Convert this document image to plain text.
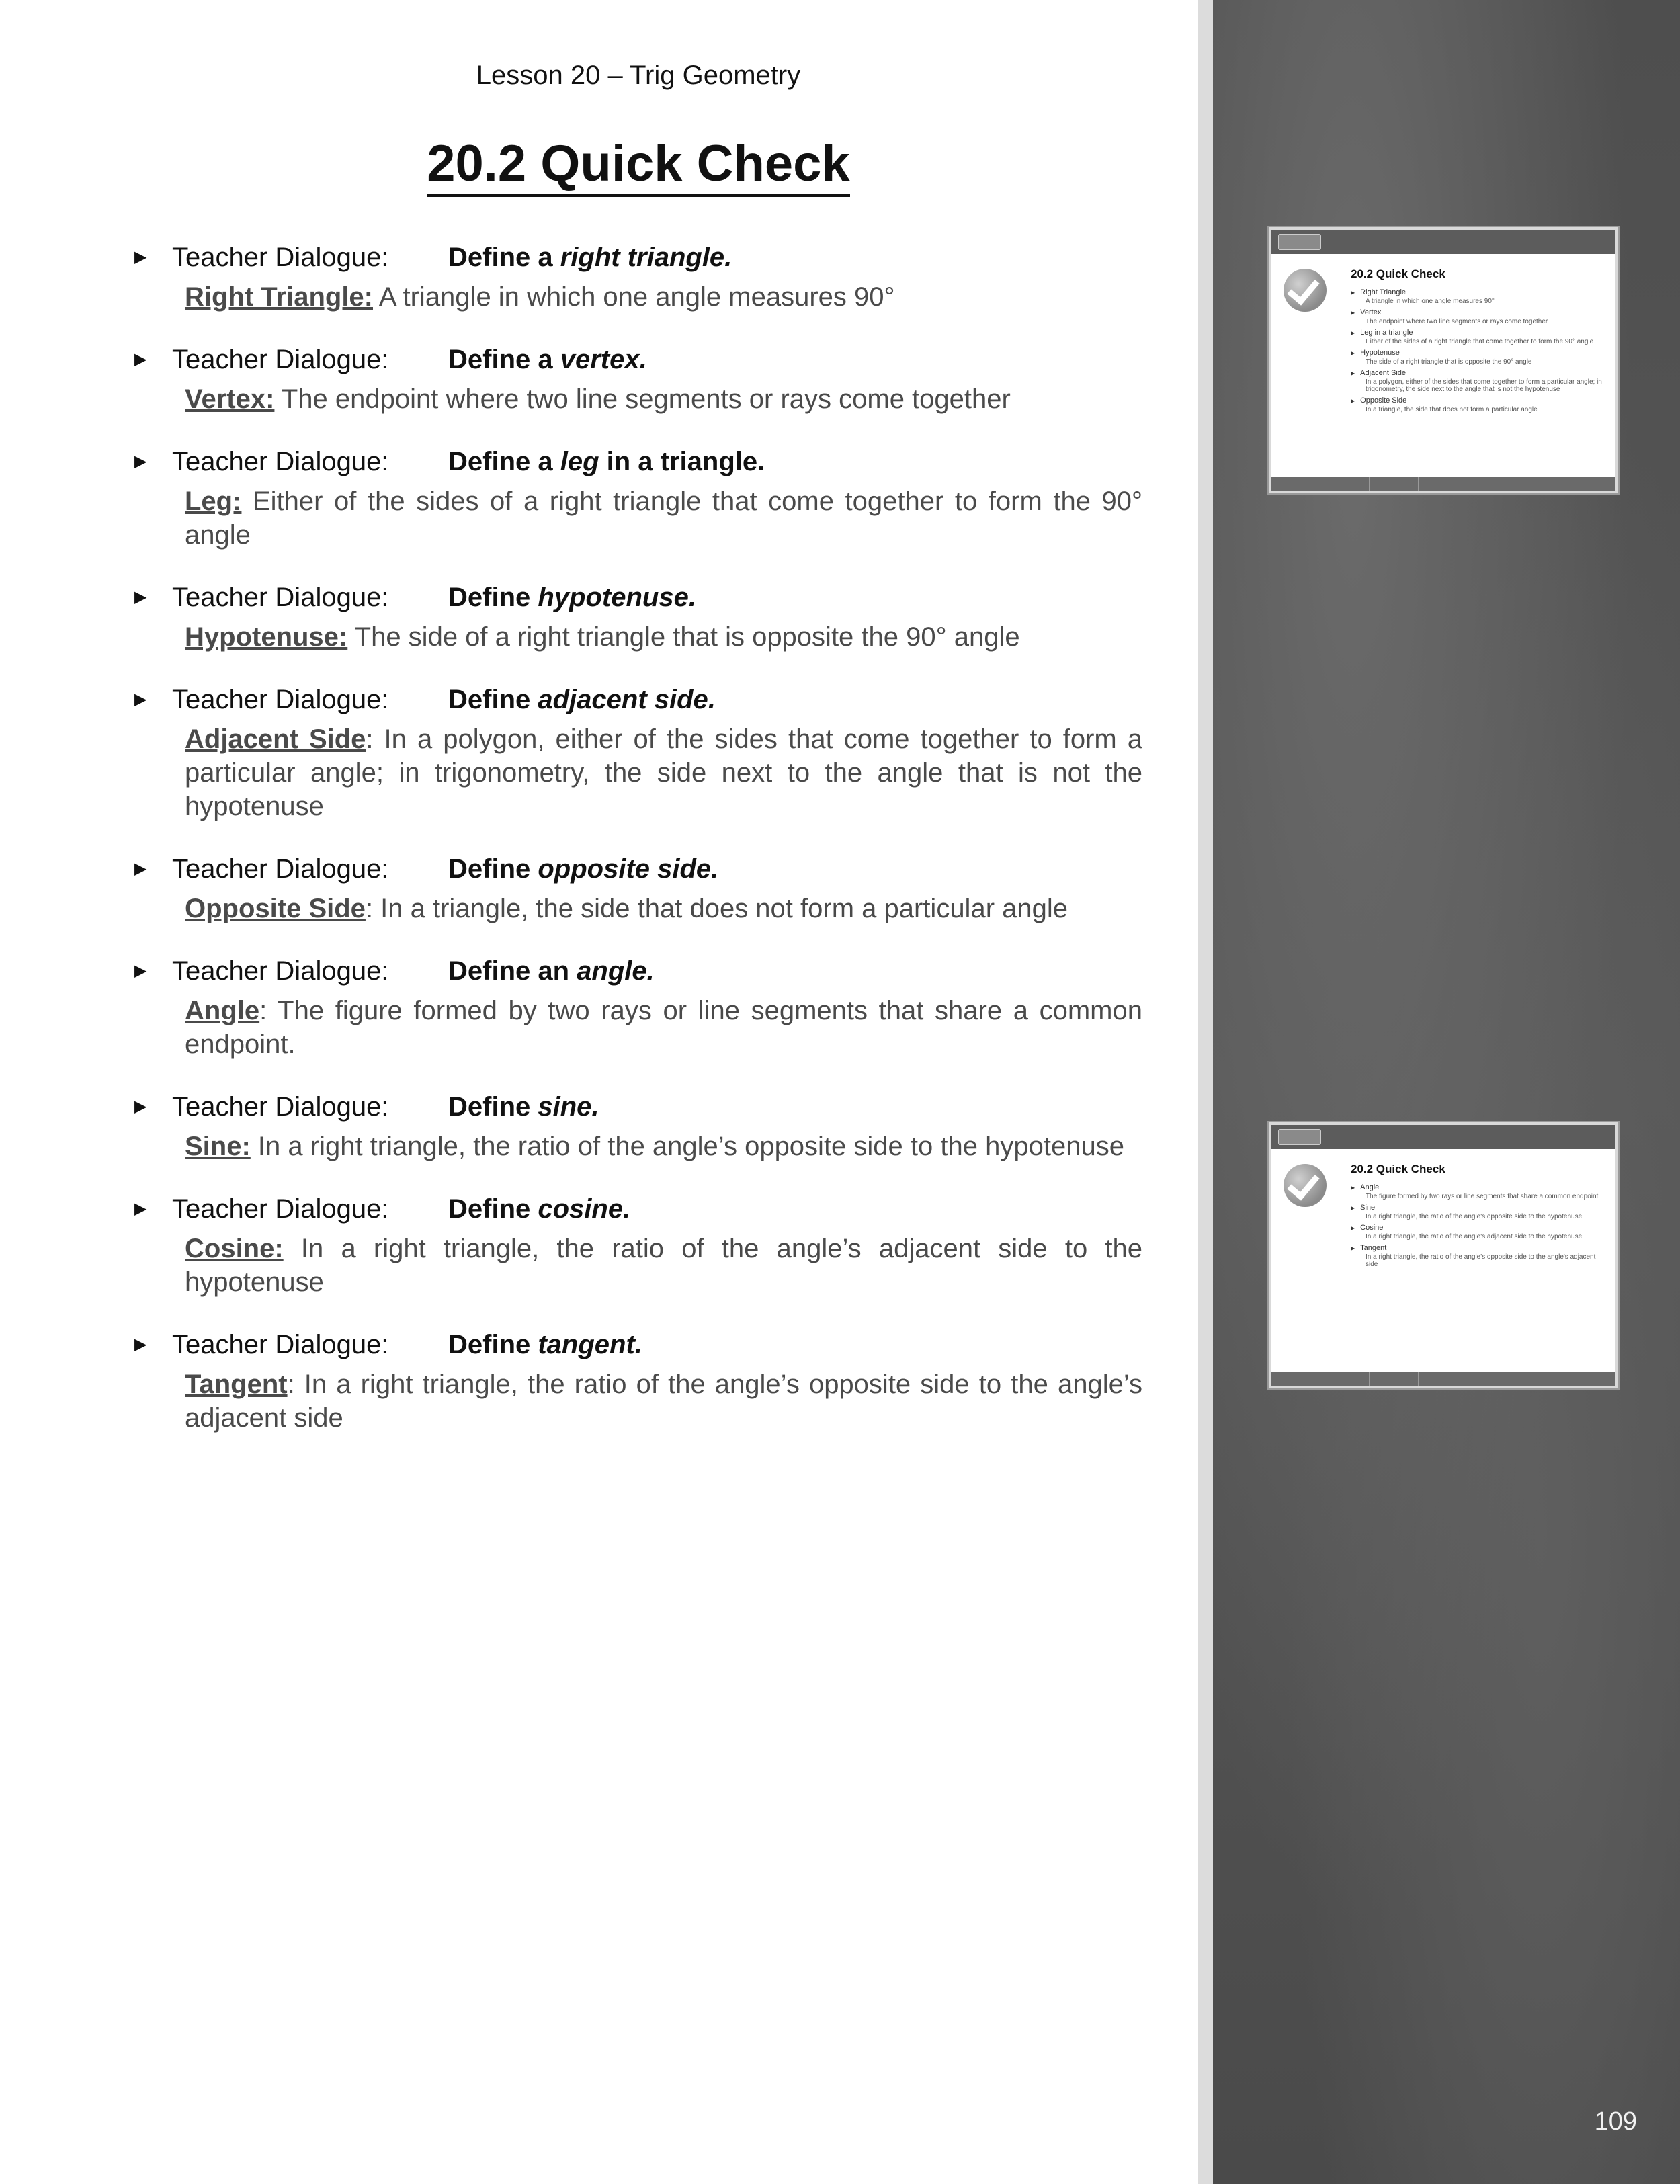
Lesson 20 – Trig Geometry
20.2 Quick Check
▶ Teacher Dialogue: Define a right triangle.
Right Triangle: A triangle in which one angle measures 90°
▶ Teacher Dialogue: Define a vertex.
Vertex: The endpoint where two line segments or rays come together
▶ Teacher Dialogue: Define a leg in a triangle.
Leg: Either of the sides of a right triangle that come together to form the 90° angle
▶ Teacher Dialogue: Define hypotenuse.
Hypotenuse: The side of a right triangle that is opposite the 90° angle
▶ Teacher Dialogue: Define adjacent side.
Adjacent Side: In a polygon, either of the sides that come together to form a particular angle; in trigonometry, the side next to the angle that is not the hypotenuse
▶ Teacher Dialogue: Define opposite side.
Opposite Side: In a triangle, the side that does not form a particular angle
▶ Teacher Dialogue: Define an angle.
Angle: The figure formed by two rays or line segments that share a common endpoint.
▶ Teacher Dialogue: Define sine.
Sine: In a right triangle, the ratio of the angle’s opposite side to the hypotenuse
▶ Teacher Dialogue: Define cosine.
Cosine: In a right triangle, the ratio of the angle’s adjacent side to the hypotenuse
▶ Teacher Dialogue: Define tangent.
Tangent: In a right triangle, the ratio of the angle’s opposite side to the angle’s adjacent side
20.2 Quick Check
▶ Right Triangle
A triangle in which one angle measures 90°
▶ Vertex
The endpoint where two line segments or rays come together
▶ Leg in a triangle
Either of the sides of a right triangle that come together to form the 90° angle
▶ Hypotenuse
The side of a right triangle that is opposite the 90° angle
▶ Adjacent Side
In a polygon, either of the sides that come together to form a particular angle; in trigonometry, the side next to the angle that is not the hypotenuse
▶ Opposite Side
In a triangle, the side that does not form a particular angle
20.2 Quick Check
▶ Angle
The figure formed by two rays or line segments that share a common endpoint
▶ Sine
In a right triangle, the ratio of the angle's opposite side to the hypotenuse
▶ Cosine
In a right triangle, the ratio of the angle's adjacent side to the hypotenuse
▶ Tangent
In a right triangle, the ratio of the angle's opposite side to the angle's adjacent side
109
